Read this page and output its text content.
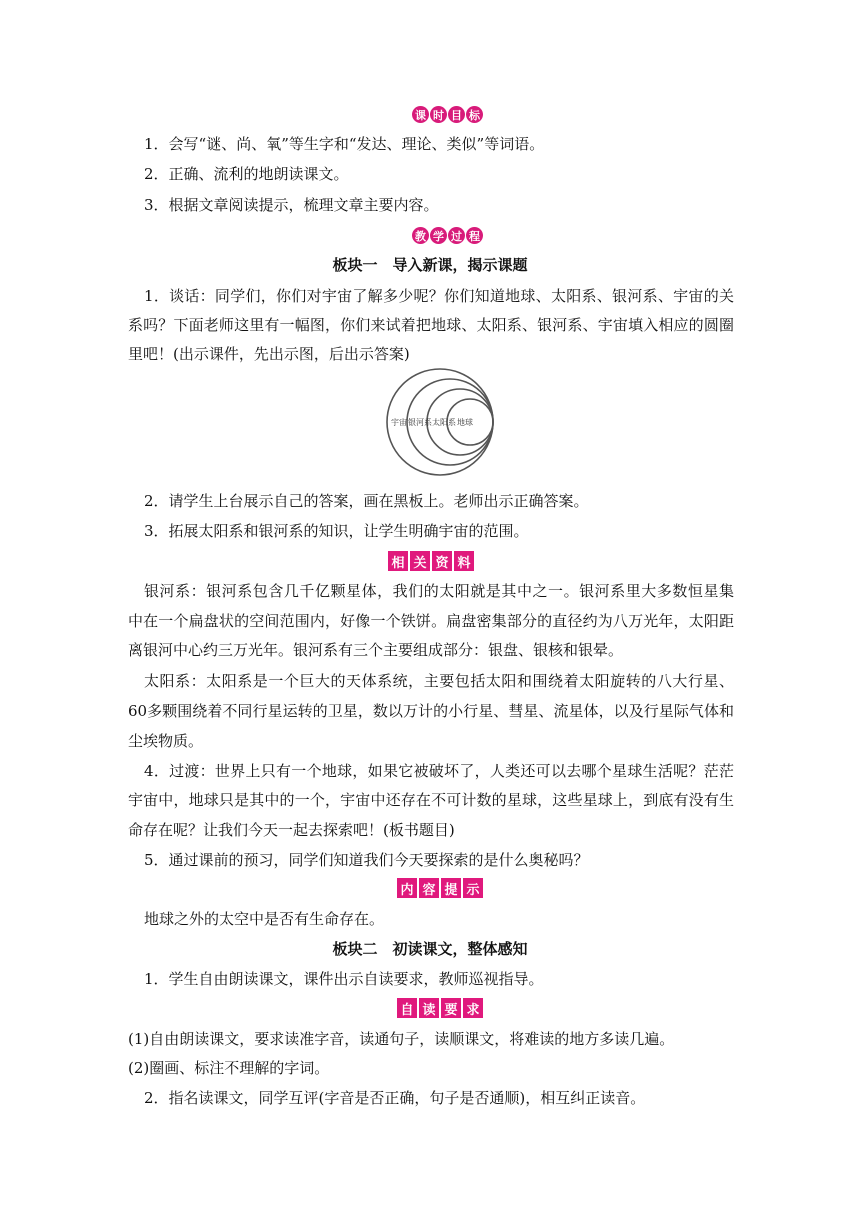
课 时 目 标
1．会写“谜、尚、氧”等生字和“发达、理论、类似”等词语。
2．正确、流利的地朗读课文。
3．根据文章阅读提示，梳理文章主要内容。
教 学 过 程
板块一　导入新课，揭示课题
1．谈话：同学们，你们对宇宙了解多少呢？你们知道地球、太阳系、银河系、宇宙的关
系吗？下面老师这里有一幅图，你们来试着把地球、太阳系、银河系、宇宙填入相应的圆圈
里吧！(出示课件，先出示图，后出示答案)
宇宙 银河系 太阳系 地球
2．请学生上台展示自己的答案，画在黑板上。老师出示正确答案。
3．拓展太阳系和银河系的知识，让学生明确宇宙的范围。
相 关 资 料
银河系：银河系包含几千亿颗星体，我们的太阳就是其中之一。银河系里大多数恒星集
中在一个扁盘状的空间范围内，好像一个铁饼。扁盘密集部分的直径约为八万光年，太阳距
离银河中心约三万光年。银河系有三个主要组成部分：银盘、银核和银晕。
太阳系：太阳系是一个巨大的天体系统，主要包括太阳和围绕着太阳旋转的八大行星、
60多颗围绕着不同行星运转的卫星，数以万计的小行星、彗星、流星体，以及行星际气体和
尘埃物质。
4．过渡：世界上只有一个地球，如果它被破坏了，人类还可以去哪个星球生活呢？茫茫
宇宙中，地球只是其中的一个，宇宙中还存在不可计数的星球，这些星球上，到底有没有生
命存在呢？让我们今天一起去探索吧！(板书题目)
5．通过课前的预习，同学们知道我们今天要探索的是什么奥秘吗？
内 容 提 示
地球之外的太空中是否有生命存在。
板块二　初读课文，整体感知
1．学生自由朗读课文，课件出示自读要求，教师巡视指导。
自 读 要 求
(1)自由朗读课文，要求读准字音，读通句子，读顺课文，将难读的地方多读几遍。
(2)圈画、标注不理解的字词。
2．指名读课文，同学互评(字音是否正确，句子是否通顺)，相互纠正读音。
